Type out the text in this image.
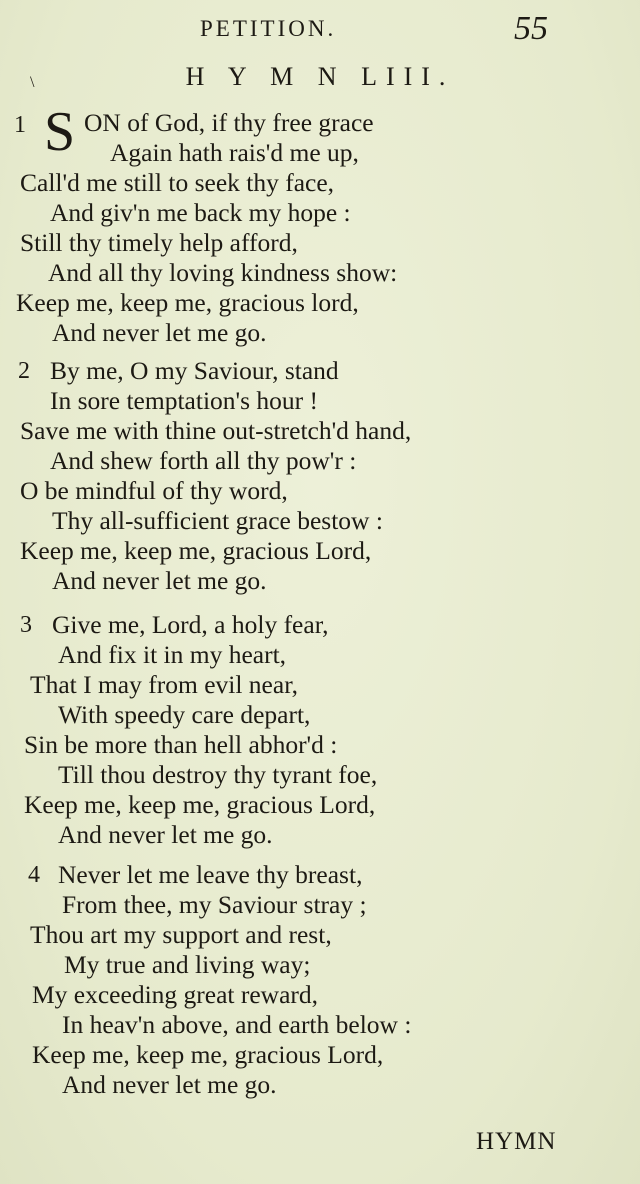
PETITION.	55
\	H Y M N LIII.
1 S ON of God, if thy free grace
Again hath rais'd me up,
Call'd me still to seek thy face,
And giv'n me back my hope :
Still thy timely help afford,
And all thy loving kindness show:
Keep me, keep me, gracious lord,
And never let me go.
2 By me, O my Saviour, stand
In sore temptation's hour !
Save me with thine out-stretch'd hand,
And shew forth all thy pow'r :
O be mindful of thy word,
Thy all-sufficient grace bestow :
Keep me, keep me, gracious Lord,
And never let me go.
3 Give me, Lord, a holy fear,
And fix it in my heart,
That I may from evil near,
With speedy care depart,
Sin be more than hell abhor'd :
Till thou destroy thy tyrant foe,
Keep me, keep me, gracious Lord,
And never let me go.
4 Never let me leave thy breast,
From thee, my Saviour stray ;
Thou art my support and rest,
My true and living way;
My exceeding great reward,
In heav'n above, and earth below :
Keep me, keep me, gracious Lord,
And never let me go.
HYMN
